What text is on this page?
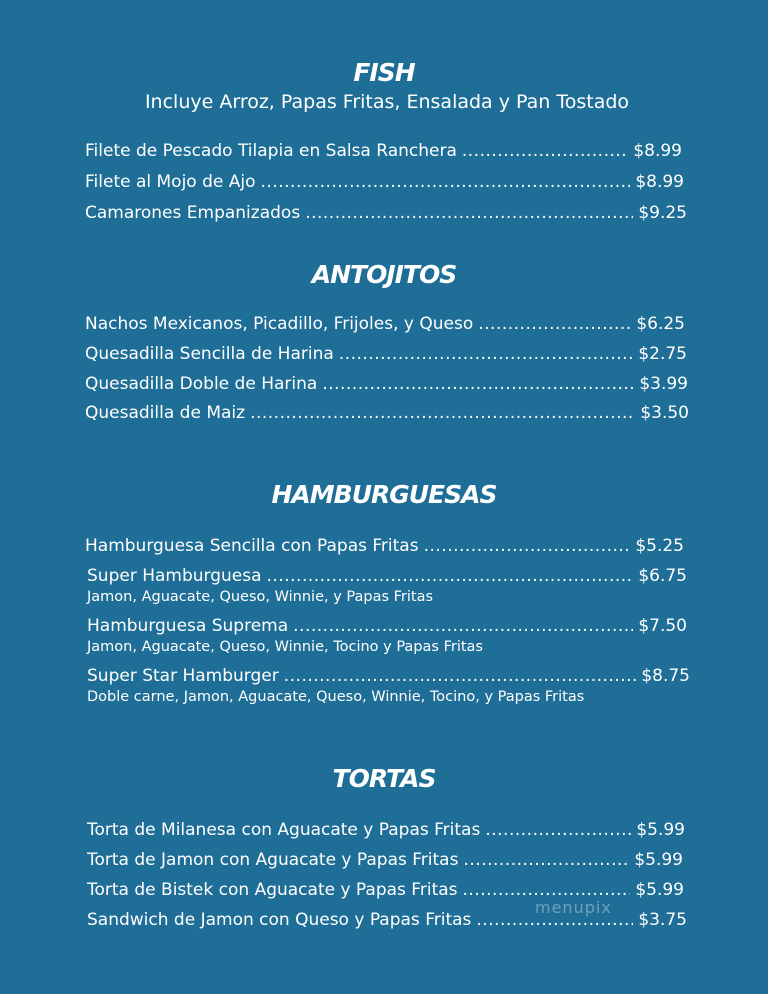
FISH

Incluye Arroz, Papas Fritas, Ensalada y Pan Tostado

Filete de Pescado Tilapia en Salsa Ranchera .....	$8.99
Filete al Mojo de Ajo .....	$8.99
Camarones Empanizados .....	$9.25
ANTOJITOS
Nachos Mexicanos, Picadillo, Frijoles, y Queso .....	$6.25
Quesadilla Sencilla de Harina .....	$2.75
Quesadilla Doble de Harina .....	$3.99
Quesadilla de Maiz .....	$3.50
HAMBURGUESAS
Hamburguesa Sencilla con Papas Fritas .....	$5.25
Super Hamburguesa .....	$6.75
Jamon, Aguacate, Queso, Winnie, y Papas Fritas
Hamburguesa Suprema .....	$7.50
Jamon, Aguacate, Queso, Winnie, Tocino y Papas Fritas
Super Star Hamburger .....	$8.75
Doble carne, Jamon, Aguacate, Queso, Winnie, Tocino, y Papas Fritas
TORTAS
Torta de Milanesa con Aguacate y Papas Fritas .....	$5.99
Torta de Jamon con Aguacate y Papas Fritas .....	$5.99
Torta de Bistek con Aguacate y Papas Fritas .....	$5.99
Sandwich de Jamon con Queso y Papas Fritas .....	$3.75
menupix
